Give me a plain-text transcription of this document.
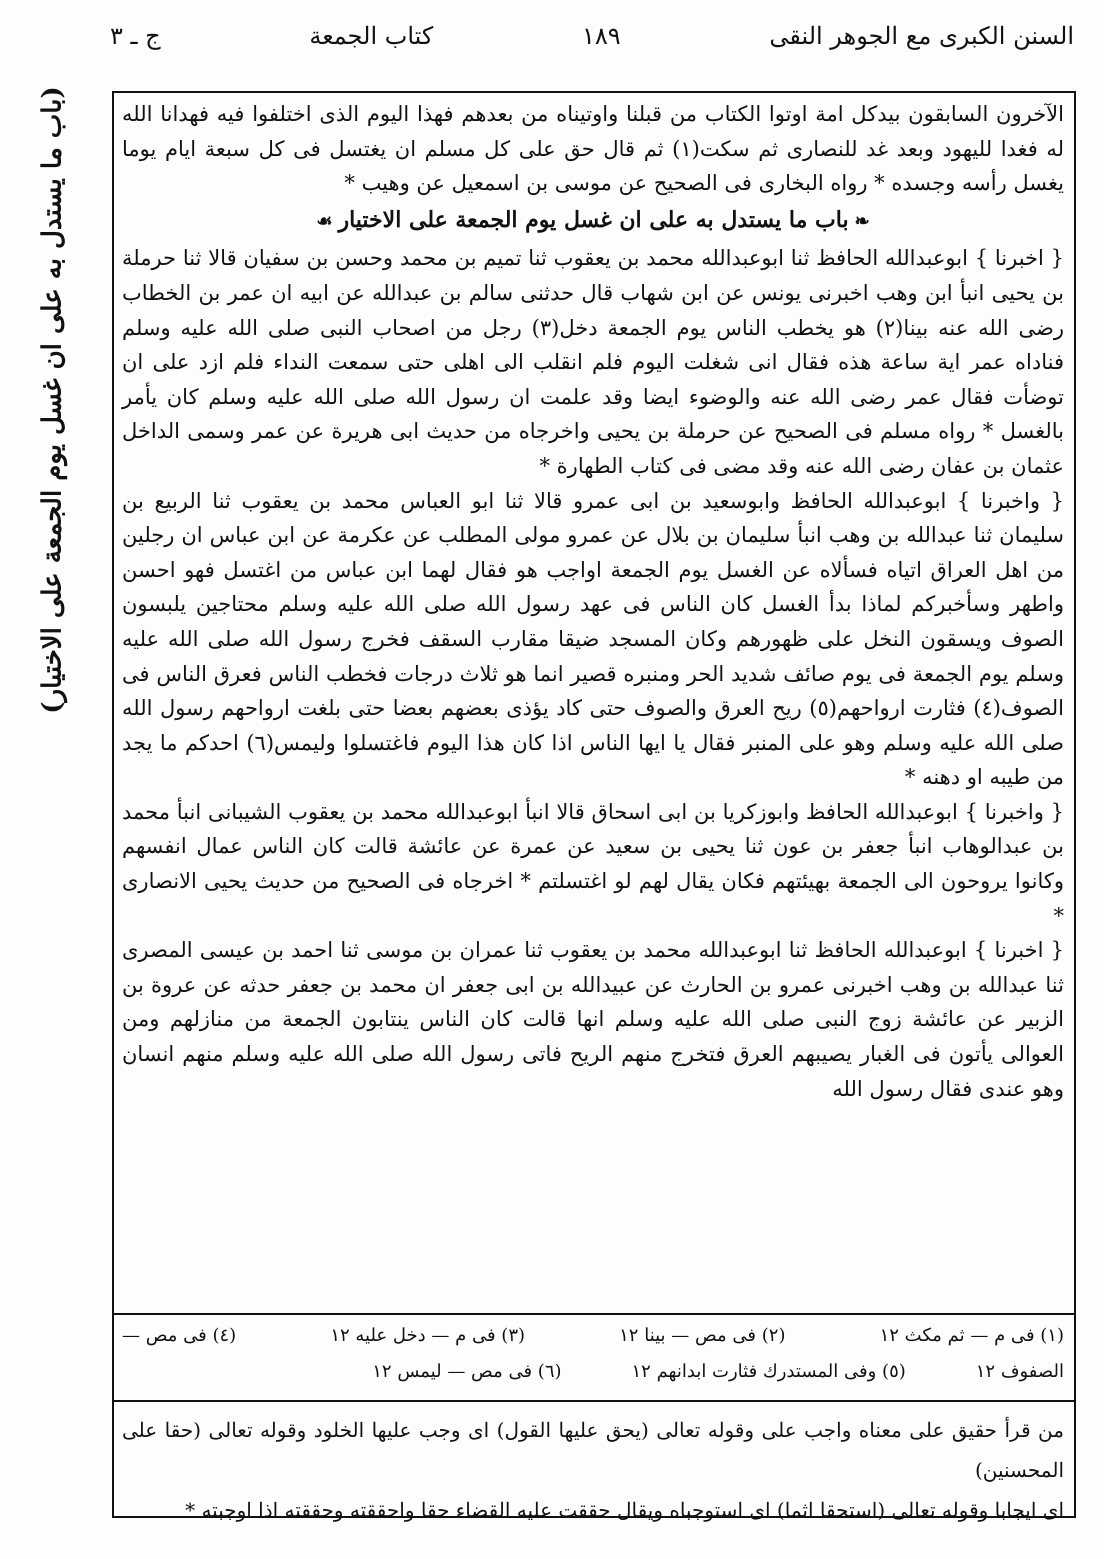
السنن الكبرى مع الجوهر النقى
١٨٩
كتاب الجمعة
ج ـ ٣
(باب ما يستدل به على ان غسل يوم الجمعة على الاختيار)	الآخرون السابقون بيدكل امة اوتوا الكتاب من قبلنا واوتيناه من بعدهم فهذا اليوم الذى اختلفوا فيه فهدانا الله له فغدا لليهود وبعد غد للنصارى ثم سكت(١) ثم قال حق على كل مسلم ان يغتسل فى كل سبعة ايام يوما يغسل رأسه وجسده * رواه البخارى فى الصحيح عن موسى بن اسمعيل عن وهيب *

❧باب ما يستدل به على ان غسل يوم الجمعة على الاختيار☙

{ اخبرنا } ابوعبدالله الحافظ ثنا ابوعبدالله محمد بن يعقوب ثنا تميم بن محمد وحسن بن سفيان قالا ثنا حرملة بن يحيى انبأ ابن وهب اخبرنى يونس عن ابن شهاب قال حدثنى سالم بن عبدالله عن ابيه ان عمر بن الخطاب رضى الله عنه بينا(٢) هو يخطب الناس يوم الجمعة دخل(٣) رجل من اصحاب النبى صلى الله عليه وسلم فناداه عمر اية ساعة هذه فقال انى شغلت اليوم فلم انقلب الى اهلى حتى سمعت النداء فلم ازد على ان توضأت فقال عمر رضى الله عنه والوضوء ايضا وقد علمت ان رسول الله صلى الله عليه وسلم كان يأمر بالغسل * رواه مسلم فى الصحيح عن حرملة بن يحيى واخرجاه من حديث ابى هريرة عن عمر وسمى الداخل عثمان بن عفان رضى الله عنه وقد مضى فى كتاب الطهارة *

{ واخبرنا } ابوعبدالله الحافظ وابوسعيد بن ابى عمرو قالا ثنا ابو العباس محمد بن يعقوب ثنا الربيع بن سليمان ثنا عبدالله بن وهب انبأ سليمان بن بلال عن عمرو مولى المطلب عن عكرمة عن ابن عباس ان رجلين من اهل العراق اتياه فسألاه عن الغسل يوم الجمعة اواجب هو فقال لهما ابن عباس من اغتسل فهو احسن واطهر وسأخبركم لماذا بدأ الغسل كان الناس فى عهد رسول الله صلى الله عليه وسلم محتاجين يلبسون الصوف ويسقون النخل على ظهورهم وكان المسجد ضيقا مقارب السقف فخرج رسول الله صلى الله عليه وسلم يوم الجمعة فى يوم صائف شديد الحر ومنبره قصير انما هو ثلاث درجات فخطب الناس فعرق الناس فى الصوف(٤) فثارت ارواحهم(٥) ريح العرق والصوف حتى كاد يؤذى بعضهم بعضا حتى بلغت ارواحهم رسول الله صلى الله عليه وسلم وهو على المنبر فقال يا ايها الناس اذا كان هذا اليوم فاغتسلوا وليمس(٦) احدكم ما يجد من طيبه او دهنه *

{ واخبرنا } ابوعبدالله الحافظ وابوزكريا بن ابى اسحاق قالا انبأ ابوعبدالله محمد بن يعقوب الشيبانى انبأ محمد بن عبدالوهاب انبأ جعفر بن عون ثنا يحيى بن سعيد عن عمرة عن عائشة قالت كان الناس عمال انفسهم وكانوا يروحون الى الجمعة بهيئتهم فكان يقال لهم لو اغتسلتم * اخرجاه فى الصحيح من حديث يحيى الانصارى *

{ اخبرنا } ابوعبدالله الحافظ ثنا ابوعبدالله محمد بن يعقوب ثنا عمران بن موسى ثنا احمد بن عيسى المصرى ثنا عبدالله بن وهب اخبرنى عمرو بن الحارث عن عبيدالله بن ابى جعفر ان محمد بن جعفر حدثه عن عروة بن الزبير عن عائشة زوج النبى صلى الله عليه وسلم انها قالت كان الناس ينتابون الجمعة من منازلهم ومن العوالى يأتون فى الغبار يصيبهم العرق فتخرج منهم الريح فاتى رسول الله صلى الله عليه وسلم منهم انسان وهو عندى فقال رسول الله

(١) فى م — ثم مكث ١٢
(٢) فى مص — بينا ١٢
(٣) فى م — دخل عليه ١٢
(٤) فى مص —
الصفوف ١٢
(٥) وفى المستدرك فثارت ابدانهم ١٢
(٦) فى مص — ليمس ١٢

من قرأ حقيق على معناه واجب على وقوله تعالى (يحق عليها القول) اى وجب عليها الخلود وقوله تعالى (حقا على المحسنين)

اى ايجابا وقوله تعالى (استحقا اثما) اى استوجباه ويقال حققت عليه القضاء حقا واحققته وحققته اذا اوجبته *
